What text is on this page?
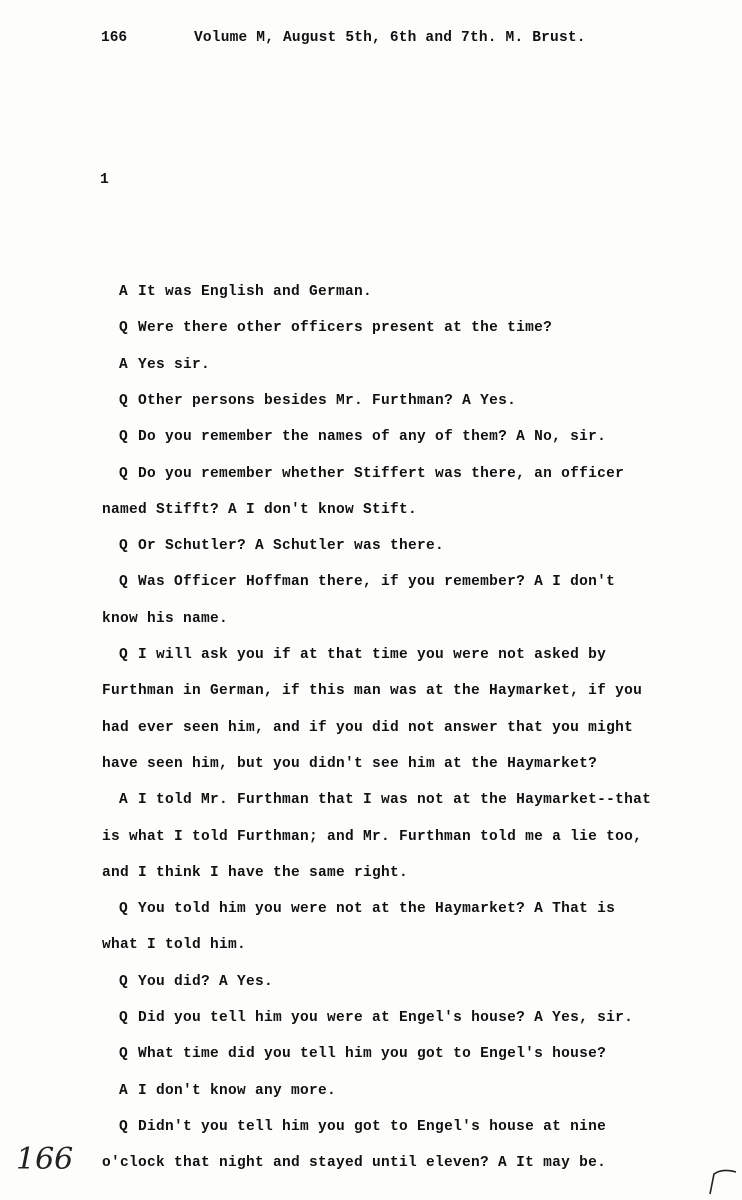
166	Volume M, August 5th, 6th and 7th. M. Brust.
1
A It was English and German.
Q Were there other officers present at the time?
A Yes sir.
Q Other persons besides Mr. Furthman? A Yes.
Q Do you remember the names of any of them? A No, sir.
Q Do you remember whether Stiffert was there, an officer
named Stifft? A I don't know Stift.
Q Or Schutler? A Schutler was there.
Q Was Officer Hoffman there, if you remember? A I don't
know his name.
Q I will ask you if at that time you were not asked by
Furthman in German, if this man was at the Haymarket, if you
had ever seen him, and if you did not answer that you might
have seen him, but you didn't see him at the Haymarket?
A I told Mr. Furthman that I was not at the Haymarket--that
is what I told Furthman; and Mr. Furthman told me a lie too,
and I think I have the same right.
Q You told him you were not at the Haymarket? A That is
what I told him.
Q You did? A Yes.
Q Did you tell him you were at Engel's house? A Yes, sir.
Q What time did you tell him you got to Engel's house?
A I don't know any more.
Q Didn't you tell him you got to Engel's house at nine
o'clock that night and stayed until eleven? A It may be.
166
